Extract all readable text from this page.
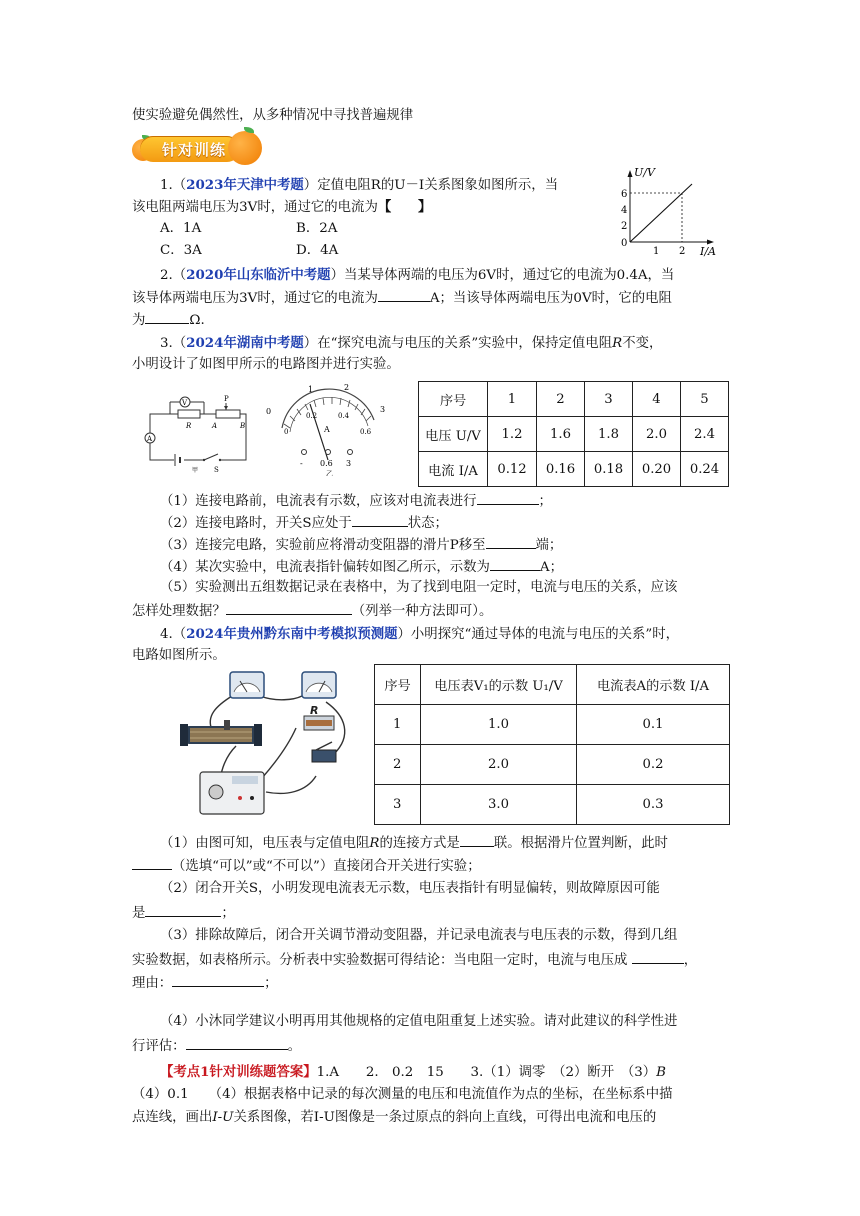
使实验避免偶然性，从多种情况中寻找普遍规律
针对训练
1.（2023年天津中考题）定值电阻R的U－I关系图象如图所示，当
该电阻两端电压为3V时，通过它的电流为【　　】
A．1A	B．2A
C．3A	D．4A
U/V
6
4
2
0
1 2 I/A
2.（2020年山东临沂中考题）当某导体两端的电压为6V时，通过它的电流为0.4A，当
该导体两端电压为3V时，通过它的电流为	A；当该导体两端电压为0V时，它的电阻
为	Ω.
3.（2024年湖南中考题）在“探究电流与电压的关系”实验中，保持定值电阻R不变，
小明设计了如图甲所示的电路图并进行实验。
V
A
P
R	A	B
S
甲
0
1	2
3
0
0.2	0.4
0.6
A
- 0.6 3
乙
序号	1	2	3	4	5
电压 U/V	1.2	1.6	1.8	2.0	2.4
电流 I/A	0.12	0.16	0.18	0.20	0.24
（1）连接电路前，电流表有示数，应该对电流表进行	；
（2）连接电路时，开关S应处于	状态；
（3）连接完电路，实验前应将滑动变阻器的滑片P移至	端；
（4）某次实验中，电流表指针偏转如图乙所示，示数为	A；
（5）实验测出五组数据记录在表格中，为了找到电阻一定时，电流与电压的关系，应该
怎样处理数据？	（列举一种方法即可）。
4.（2024年贵州黔东南中考模拟预测题）小明探究“通过导体的电流与电压的关系”时，
电路如图所示。
R
序号	电压表V₁的示数 U₁/V	电流表A的示数 I/A
1	1.0	0.1
2	2.0	0.2
3	3.0	0.3
（1）由图可知，电压表与定值电阻R的连接方式是	联。根据滑片位置判断，此时
（选填“可以”或“不可以”）直接闭合开关进行实验；
（2）闭合开关S，小明发现电流表无示数，电压表指针有明显偏转，则故障原因可能
是	；
（3）排除故障后，闭合开关调节滑动变阻器，并记录电流表与电压表的示数，得到几组
实验数据，如表格所示。分析表中实验数据可得结论：当电阻一定时，电流与电压成	，
理由：	；
（4）小沐同学建议小明再用其他规格的定值电阻重复上述实验。请对此建议的科学性进
行评估：	。
【考点1针对训练题答案】1.A　　2.　0.2　15　　3.（1）调零　（2）断开　（3）B
（4）0.1　　（4）根据表格中记录的每次测量的电压和电流值作为点的坐标，在坐标系中描
点连线，画出I-U关系图像，若I-U图像是一条过原点的斜向上直线，可得出电流和电压的
